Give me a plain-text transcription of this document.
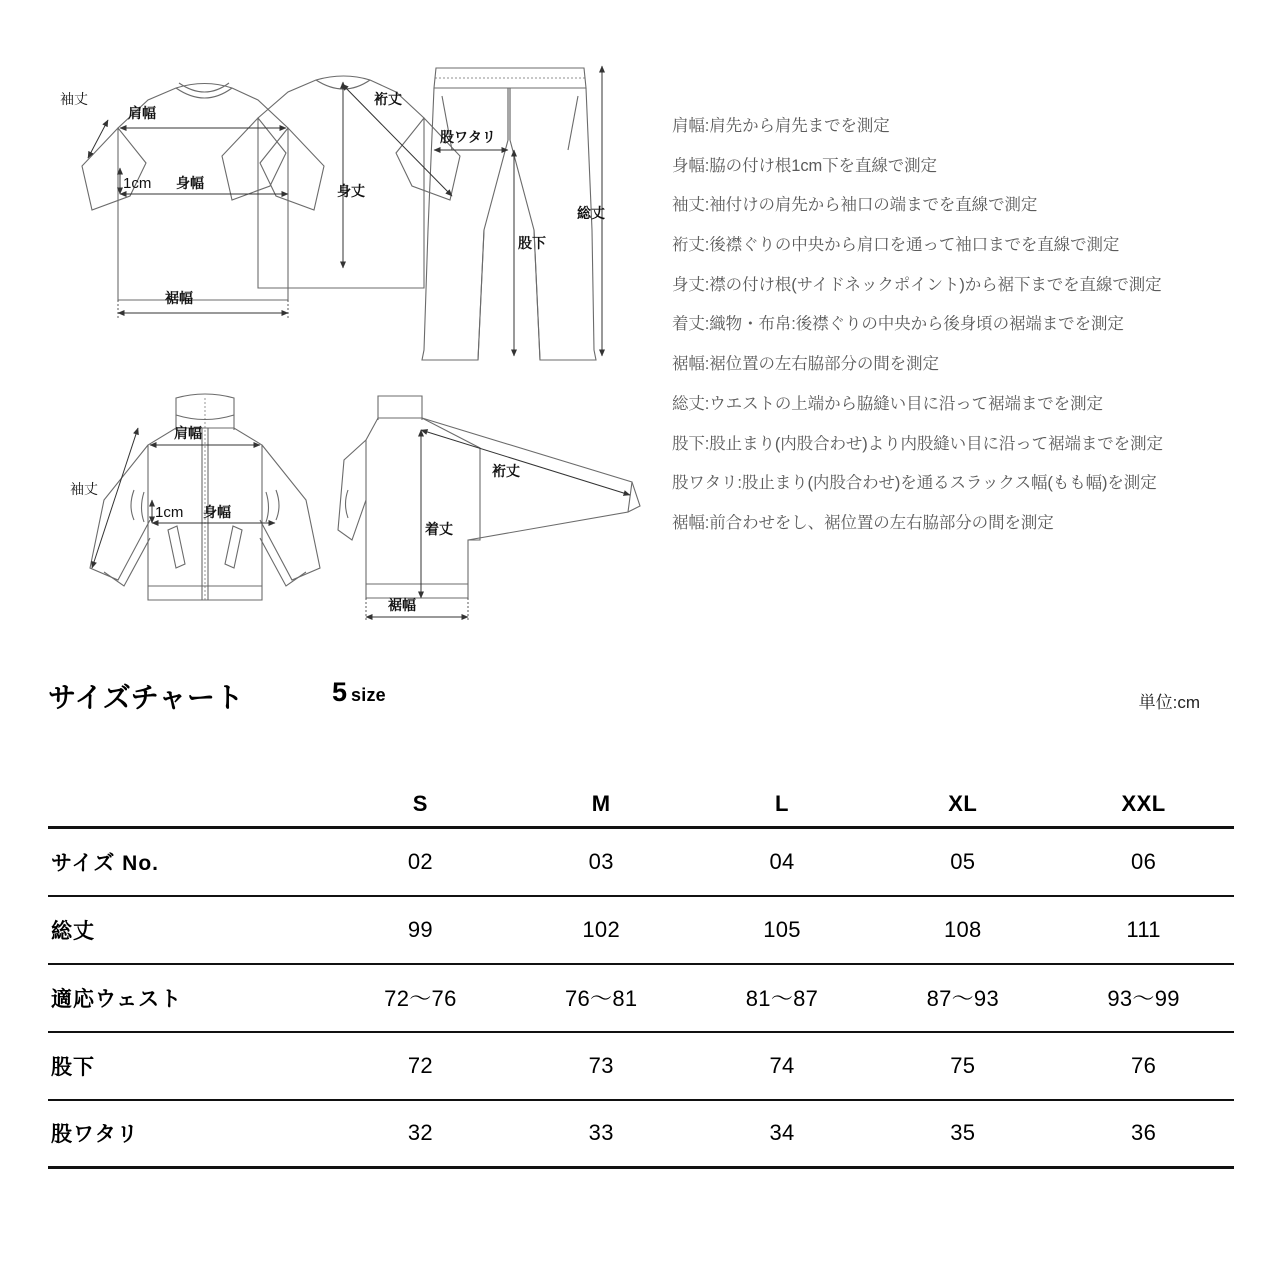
袖丈
肩幅
1cm 身幅
裾幅
裄丈
身丈
股ワタリ
股下
総丈
袖丈
肩幅
1cm 身幅
裄丈
着丈
裾幅
肩幅:肩先から肩先までを測定
身幅:脇の付け根1cm下を直線で測定
袖丈:袖付けの肩先から袖口の端までを直線で測定
裄丈:後襟ぐりの中央から肩口を通って袖口までを直線で測定
身丈:襟の付け根(サイドネックポイント)から裾下までを直線で測定
着丈:織物・布帛:後襟ぐりの中央から後身頃の裾端までを測定
裾幅:裾位置の左右脇部分の間を測定
総丈:ウエストの上端から脇縫い目に沿って裾端までを測定
股下:股止まり(内股合わせ)より内股縫い目に沿って裾端までを測定
股ワタリ:股止まり(内股合わせ)を通るスラックス幅(もも幅)を測定
裾幅:前合わせをし、裾位置の左右脇部分の間を測定
サイズチャート	5 size	単位:cm
	S	M	L	XL	XXL
サイズ No.	02	03	04	05	06
総丈	99	102	105	108	111
適応ウェスト	72〜76	76〜81	81〜87	87〜93	93〜99
股下	72	73	74	75	76
股ワタリ	32	33	34	35	36
